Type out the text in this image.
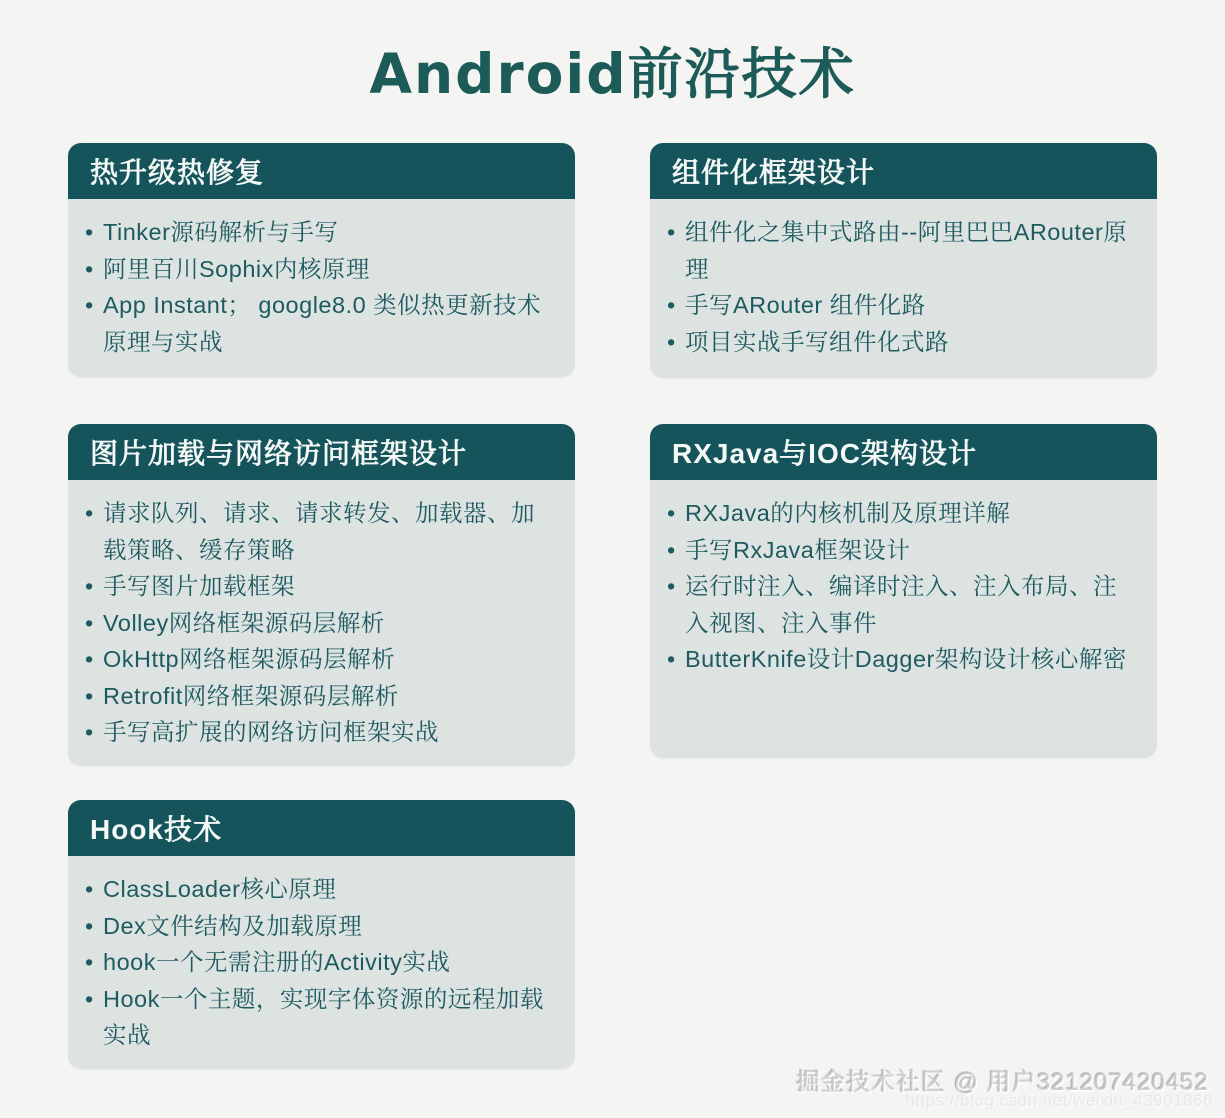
Android前沿技术
热升级热修复
• Tinker源码解析与手写
• 阿里百川Sophix内核原理
• App Instant； google8.0 类似热更新技术原理与实战
组件化框架设计
• 组件化之集中式路由--阿里巴巴ARouter原理
• 手写ARouter 组件化路
• 项目实战手写组件化式路
图片加载与网络访问框架设计
• 请求队列、请求、请求转发、加载器、加载策略、缓存策略
• 手写图片加载框架
• Volley网络框架源码层解析
• OkHttp网络框架源码层解析
• Retrofit网络框架源码层解析
• 手写高扩展的网络访问框架实战
RXJava与IOC架构设计
• RXJava的内核机制及原理详解
• 手写RxJava框架设计
• 运行时注入、编译时注入、注入布局、注入视图、注入事件
• ButterKnife设计Dagger架构设计核心解密
Hook技术
• ClassLoader核心原理
• Dex文件结构及加载原理
• hook一个无需注册的Activity实战
• Hook一个主题，实现字体资源的远程加载实战
掘金技术社区 @ 用户321207420452
https://blog.csdn.net/weixin_43901866
